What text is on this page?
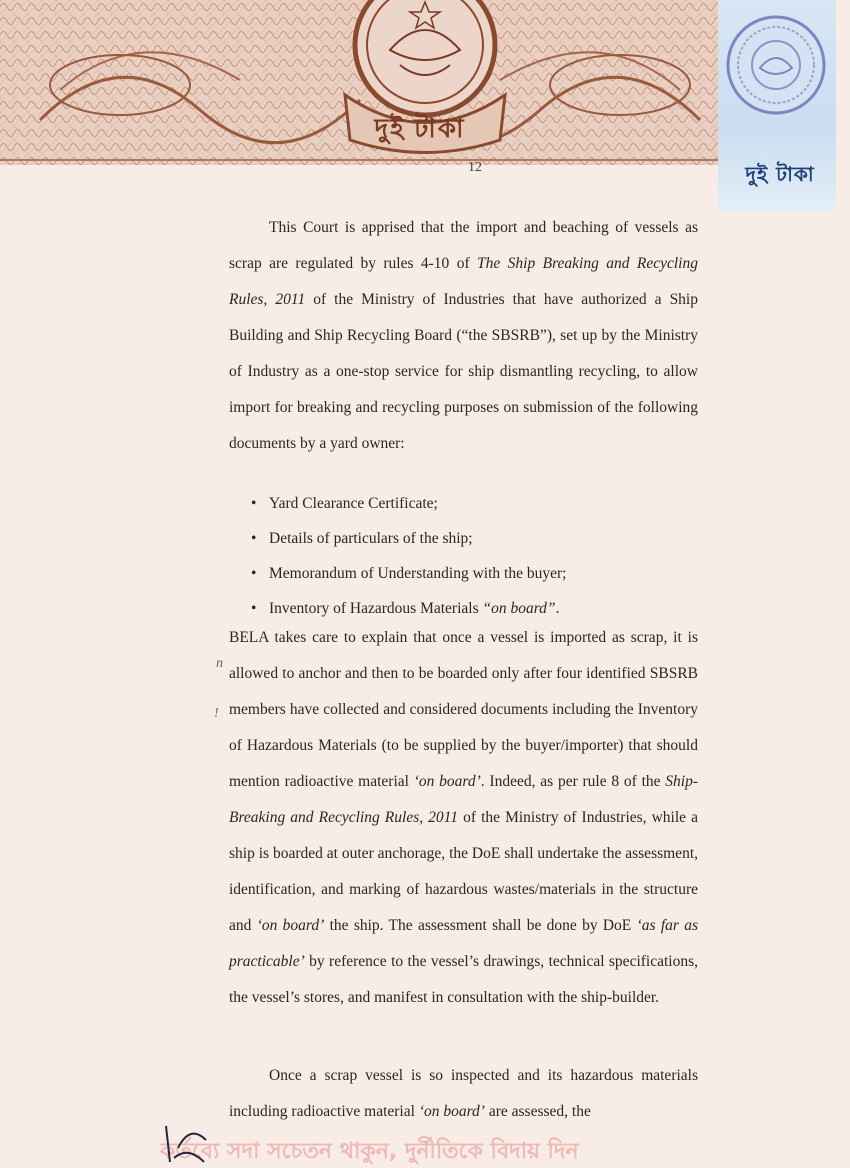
দুই টাকা
দুই টাকা
12

This Court is apprised that the import and beaching of vessels as scrap are regulated by rules 4-10 of The Ship Breaking and Recycling Rules, 2011 of the Ministry of Industries that have authorized a Ship Building and Ship Recycling Board (“the SBSRB”), set up by the Ministry of Industry as a one-stop service for ship dismantling recycling, to allow import for breaking and recycling purposes on submission of the following documents by a yard owner:

• Yard Clearance Certificate;
• Details of particulars of the ship;
• Memorandum of Understanding with the buyer;
• Inventory of Hazardous Materials “on board”.

BELA takes care to explain that once a vessel is imported as scrap, it is allowed to anchor and then to be boarded only after four identified SBSRB members have collected and considered documents including the Inventory of Hazardous Materials (to be supplied by the buyer/importer) that should mention radioactive material ‘on board’. Indeed, as per rule 8 of the Ship-Breaking and Recycling Rules, 2011 of the Ministry of Industries, while a ship is boarded at outer anchorage, the DoE shall undertake the assessment, identification, and marking of hazardous wastes/materials in the structure and ‘on board’ the ship. The assessment shall be done by DoE ‘as far as practicable’ by reference to the vessel’s drawings, technical specifications, the vessel’s stores, and manifest in consultation with the ship-builder.

Once a scrap vessel is so inspected and its hazardous materials including radioactive material ‘on board’ are assessed, the

n
!
কর্তব্যে সদা সচেতন থাকুন, দুর্নীতিকে বিদায় দিন
